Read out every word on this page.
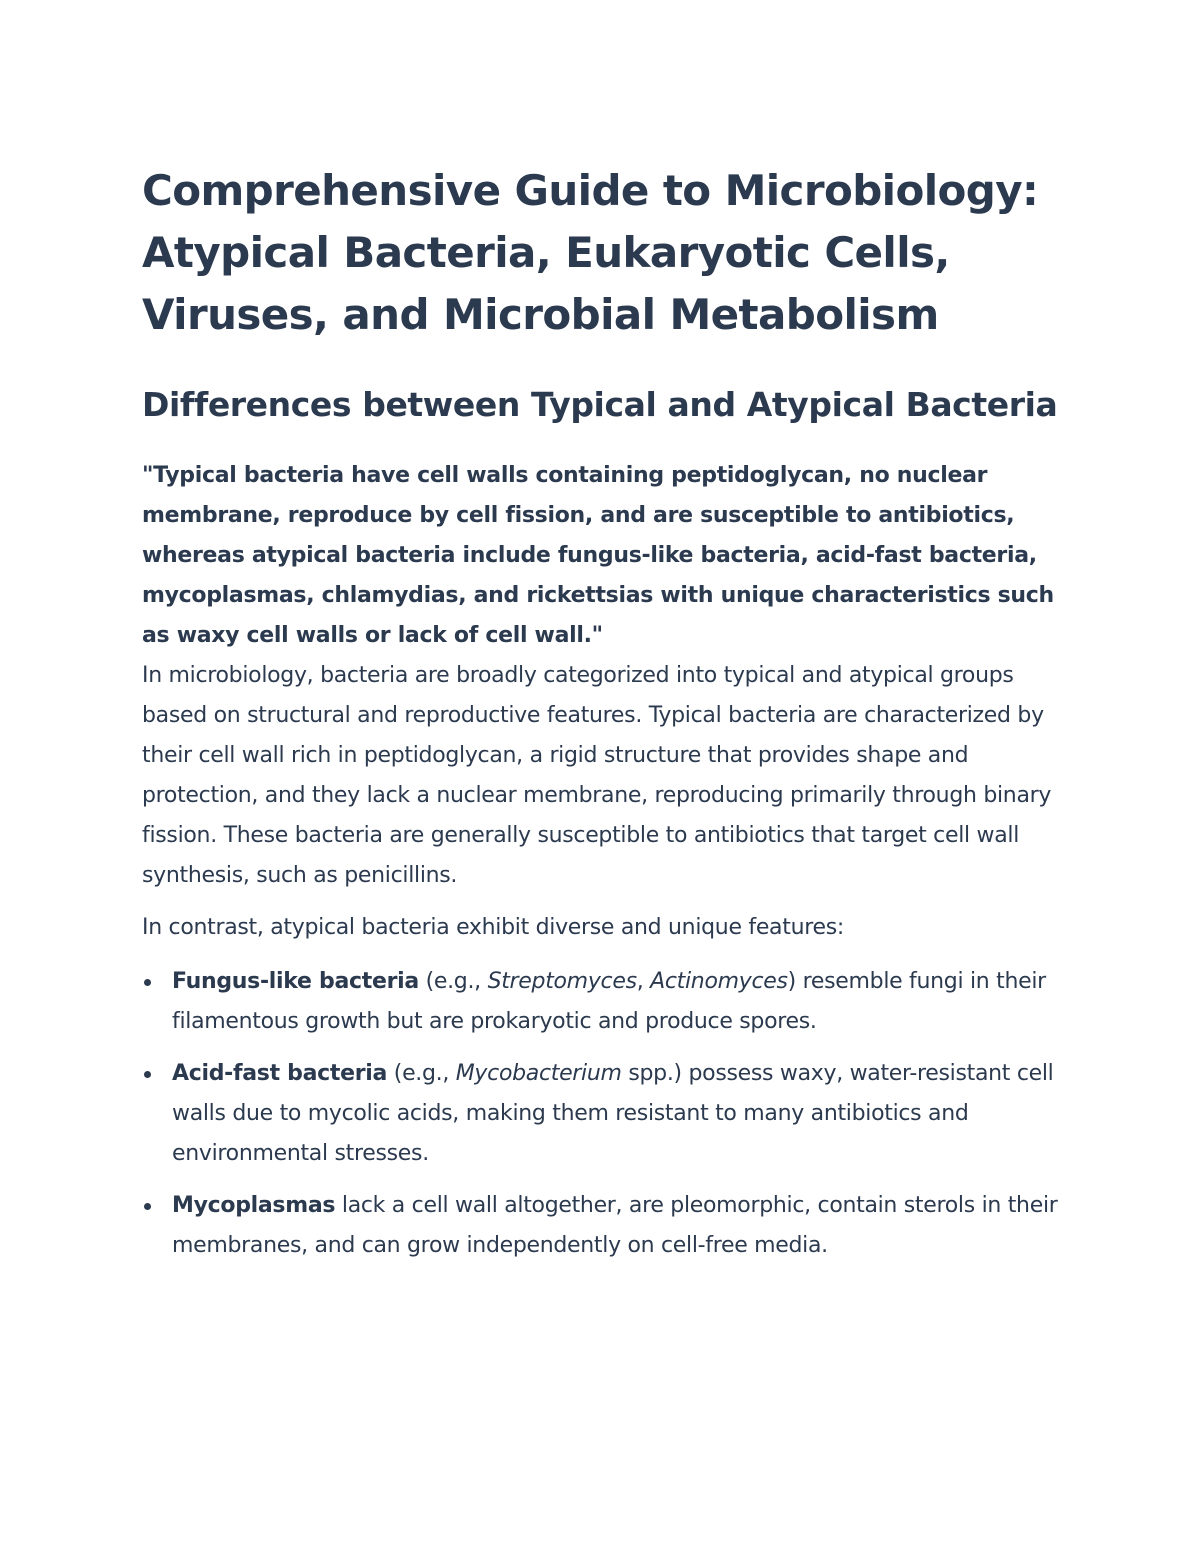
Comprehensive Guide to Microbiology: Atypical Bacteria, Eukaryotic Cells, Viruses, and Microbial Metabolism
Differences between Typical and Atypical Bacteria

"Typical bacteria have cell walls containing peptidoglycan, no nuclear membrane, reproduce by cell fission, and are susceptible to antibiotics, whereas atypical bacteria include fungus-like bacteria, acid-fast bacteria, mycoplasmas, chlamydias, and rickettsias with unique characteristics such as waxy cell walls or lack of cell wall."

In microbiology, bacteria are broadly categorized into typical and atypical groups based on structural and reproductive features. Typical bacteria are characterized by their cell wall rich in peptidoglycan, a rigid structure that provides shape and protection, and they lack a nuclear membrane, reproducing primarily through binary fission. These bacteria are generally susceptible to antibiotics that target cell wall synthesis, such as penicillins.

In contrast, atypical bacteria exhibit diverse and unique features:

Fungus-like bacteria (e.g., Streptomyces, Actinomyces) resemble fungi in their filamentous growth but are prokaryotic and produce spores.
Acid-fast bacteria (e.g., Mycobacterium spp.) possess waxy, water-resistant cell walls due to mycolic acids, making them resistant to many antibiotics and environmental stresses.
Mycoplasmas lack a cell wall altogether, are pleomorphic, contain sterols in their membranes, and can grow independently on cell-free media.
